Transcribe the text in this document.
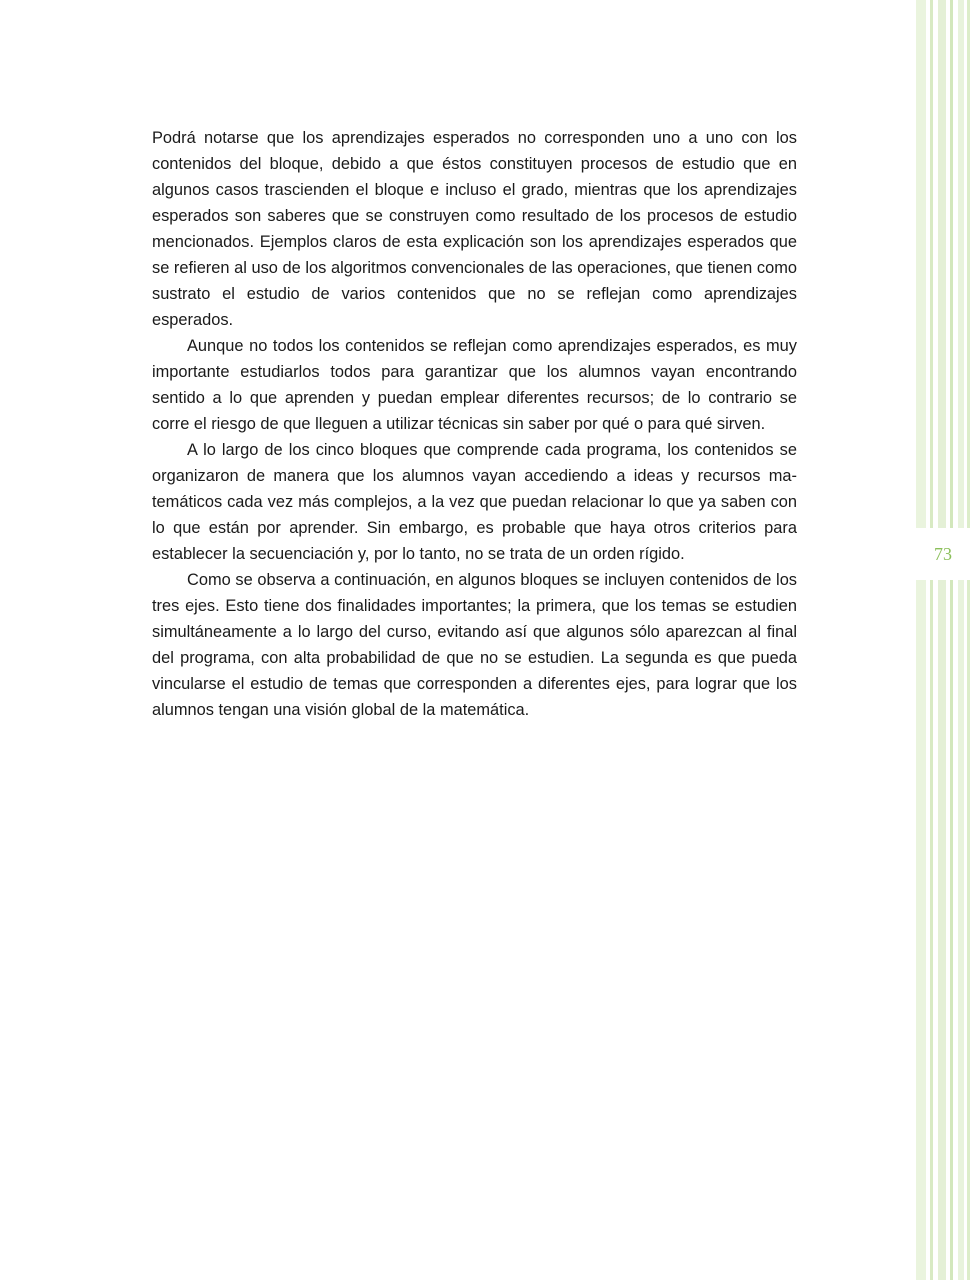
Podrá notarse que los aprendizajes esperados no corresponden uno a uno con los contenidos del bloque, debido a que éstos constituyen procesos de estudio que en algunos casos trascienden el bloque e incluso el grado, mientras que los aprendizajes esperados son saberes que se construyen como resultado de los procesos de estudio mencionados. Ejemplos claros de esta explicación son los aprendizajes esperados que se refieren al uso de los algoritmos convencionales de las operaciones, que tienen como sustrato el estudio de varios contenidos que no se reflejan como aprendizajes esperados.

Aunque no todos los contenidos se reflejan como aprendizajes esperados, es muy importante estudiarlos todos para garantizar que los alumnos vayan encontrando sentido a lo que aprenden y puedan emplear diferentes recursos; de lo contrario se corre el riesgo de que lleguen a utilizar técnicas sin saber por qué o para qué sirven.

A lo largo de los cinco bloques que comprende cada programa, los contenidos se organizaron de manera que los alumnos vayan accediendo a ideas y recursos matemáticos cada vez más complejos, a la vez que puedan relacionar lo que ya saben con lo que están por aprender. Sin embargo, es probable que haya otros criterios para establecer la secuenciación y, por lo tanto, no se trata de un orden rígido.

Como se observa a continuación, en algunos bloques se incluyen contenidos de los tres ejes. Esto tiene dos finalidades importantes; la primera, que los temas se estudien simultáneamente a lo largo del curso, evitando así que algunos sólo aparezcan al final del programa, con alta probabilidad de que no se estudien. La segunda es que pueda vincularse el estudio de temas que corresponden a diferentes ejes, para lograr que los alumnos tengan una visión global de la matemática.

73
